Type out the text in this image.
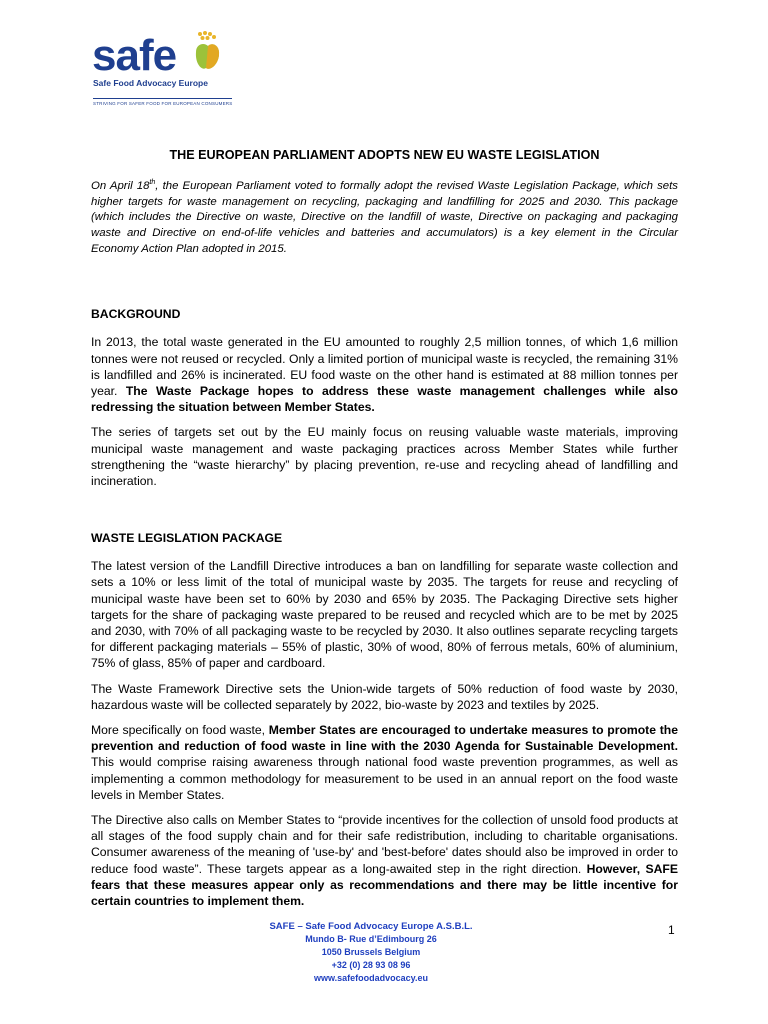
safe
Safe Food Advocacy Europe
STRIVING FOR SAFER FOOD FOR EUROPEAN CONSUMERS
THE EUROPEAN PARLIAMENT ADOPTS NEW EU WASTE LEGISLATION

On April 18th, the European Parliament voted to formally adopt the revised Waste Legislation Package, which sets higher targets for waste management on recycling, packaging and landfilling for 2025 and 2030. This package (which includes the Directive on waste, Directive on the landfill of waste, Directive on packaging and packaging waste and Directive on end-of-life vehicles and batteries and accumulators) is a key element in the Circular Economy Action Plan adopted in 2015.

BACKGROUND

In 2013, the total waste generated in the EU amounted to roughly 2,5 million tonnes, of which 1,6 million tonnes were not reused or recycled. Only a limited portion of municipal waste is recycled, the remaining 31% is landfilled and 26% is incinerated. EU food waste on the other hand is estimated at 88 million tonnes per year. The Waste Package hopes to address these waste management challenges while also redressing the situation between Member States.

The series of targets set out by the EU mainly focus on reusing valuable waste materials, improving municipal waste management and waste packaging practices across Member States while further strengthening the “waste hierarchy” by placing prevention, re-use and recycling ahead of landfilling and incineration.

WASTE LEGISLATION PACKAGE

The latest version of the Landfill Directive introduces a ban on landfilling for separate waste collection and sets a 10% or less limit of the total of municipal waste by 2035. The targets for reuse and recycling of municipal waste have been set to 60% by 2030 and 65% by 2035. The Packaging Directive sets higher targets for the share of packaging waste prepared to be reused and recycled which are to be met by 2025 and 2030, with 70% of all packaging waste to be recycled by 2030. It also outlines separate recycling targets for different packaging materials – 55% of plastic, 30% of wood, 80% of ferrous metals, 60% of aluminium, 75% of glass, 85% of paper and cardboard.

The Waste Framework Directive sets the Union-wide targets of 50% reduction of food waste by 2030, hazardous waste will be collected separately by 2022, bio-waste by 2023 and textiles by 2025.

More specifically on food waste, Member States are encouraged to undertake measures to promote the prevention and reduction of food waste in line with the 2030 Agenda for Sustainable Development. This would comprise raising awareness through national food waste prevention programmes, as well as implementing a common methodology for measurement to be used in an annual report on the food waste levels in Member States.

The Directive also calls on Member States to “provide incentives for the collection of unsold food products at all stages of the food supply chain and for their safe redistribution, including to charitable organisations. Consumer awareness of the meaning of 'use-by' and 'best-before' dates should also be improved in order to reduce food waste”. These targets appear as a long-awaited step in the right direction. However, SAFE fears that these measures appear only as recommendations and there may be little incentive for certain countries to implement them.

SAFE – Safe Food Advocacy Europe A.S.B.L.
Mundo B- Rue d’Edimbourg 26
1050 Brussels Belgium
+32 (0) 28 93 08 96
www.safefoodadvocacy.eu
1
